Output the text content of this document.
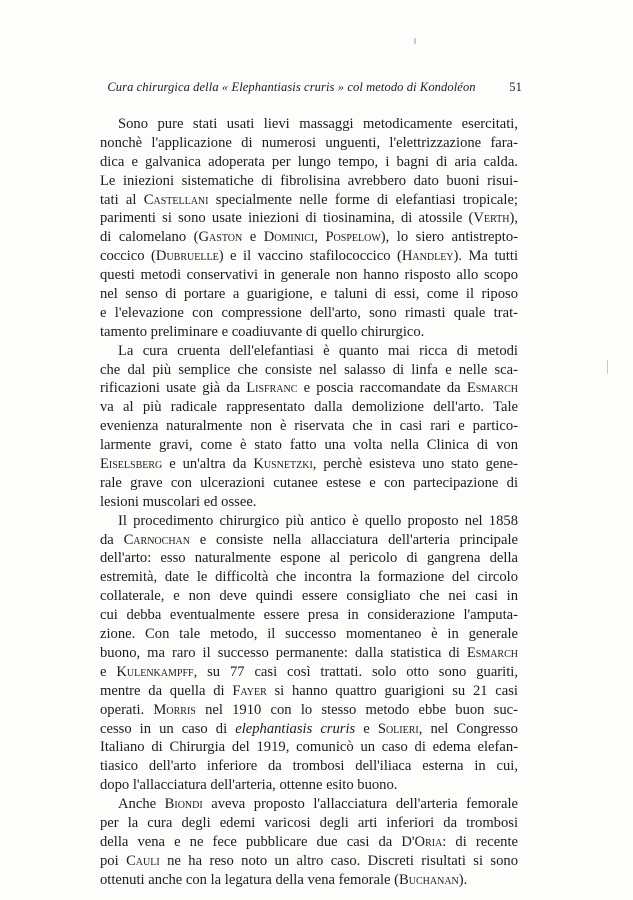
Cura chirurgica della « Elephantiasis cruris » col metodo di Kondoléon	51
Sono pure stati usati lievi massaggi metodicamente esercitati,
nonchè l'applicazione di numerosi unguenti, l'elettrizzazione fara-
dica e galvanica adoperata per lungo tempo, i bagni di aria calda.
Le iniezioni sistematiche di fibrolisina avrebbero dato buoni risui-
tati al Castellani specialmente nelle forme di elefantiasi tropicale;
parimenti si sono usate iniezioni di tiosinamina, di atossile (Verth),
di calomelano (Gaston e Dominici, Pospelow), lo siero antistrepto-
coccico (Dubruelle) e il vaccino stafilococcico (Handley). Ma tutti
questi metodi conservativi in generale non hanno risposto allo scopo
nel senso di portare a guarigione, e taluni di essi, come il riposo
e l'elevazione con compressione dell'arto, sono rimasti quale trat-
tamento preliminare e coadiuvante di quello chirurgico.
La cura cruenta dell'elefantiasi è quanto mai ricca di metodi
che dal più semplice che consiste nel salasso di linfa e nelle sca-
rificazioni usate già da Lisfranc e poscia raccomandate da Esmarch
va al più radicale rappresentato dalla demolizione dell'arto. Tale
evenienza naturalmente non è riservata che in casi rari e partico-
larmente gravi, come è stato fatto una volta nella Clinica di von
Eiselsberg e un'altra da Kusnetzki, perchè esisteva uno stato gene-
rale grave con ulcerazioni cutanee estese e con partecipazione di
lesioni muscolari ed ossee.
Il procedimento chirurgico più antico è quello proposto nel 1858
da Carnochan e consiste nella allacciatura dell'arteria principale
dell'arto: esso naturalmente espone al pericolo di gangrena della
estremità, date le difficoltà che incontra la formazione del circolo
collaterale, e non deve quindi essere consigliato che nei casi in
cui debba eventualmente essere presa in considerazione l'amputa-
zione. Con tale metodo, il successo momentaneo è in generale
buono, ma raro il successo permanente: dalla statistica di Esmarch
e Kulenkampff, su 77 casi così trattati. solo otto sono guariti,
mentre da quella di Fayer si hanno quattro guarigioni su 21 casi
operati. Morris nel 1910 con lo stesso metodo ebbe buon suc-
cesso in un caso di elephantiasis cruris e Solieri, nel Congresso
Italiano di Chirurgia del 1919, comunicò un caso di edema elefan-
tiasico dell'arto inferiore da trombosi dell'iliaca esterna in cui,
dopo l'allacciatura dell'arteria, ottenne esito buono.
Anche Biondi aveva proposto l'allacciatura dell'arteria femorale
per la cura degli edemi varicosi degli arti inferiori da trombosi
della vena e ne fece pubblicare due casi da D'Oria: di recente
poi Cauli ne ha reso noto un altro caso. Discreti risultati si sono
ottenuti anche con la legatura della vena femorale (Buchanan).
